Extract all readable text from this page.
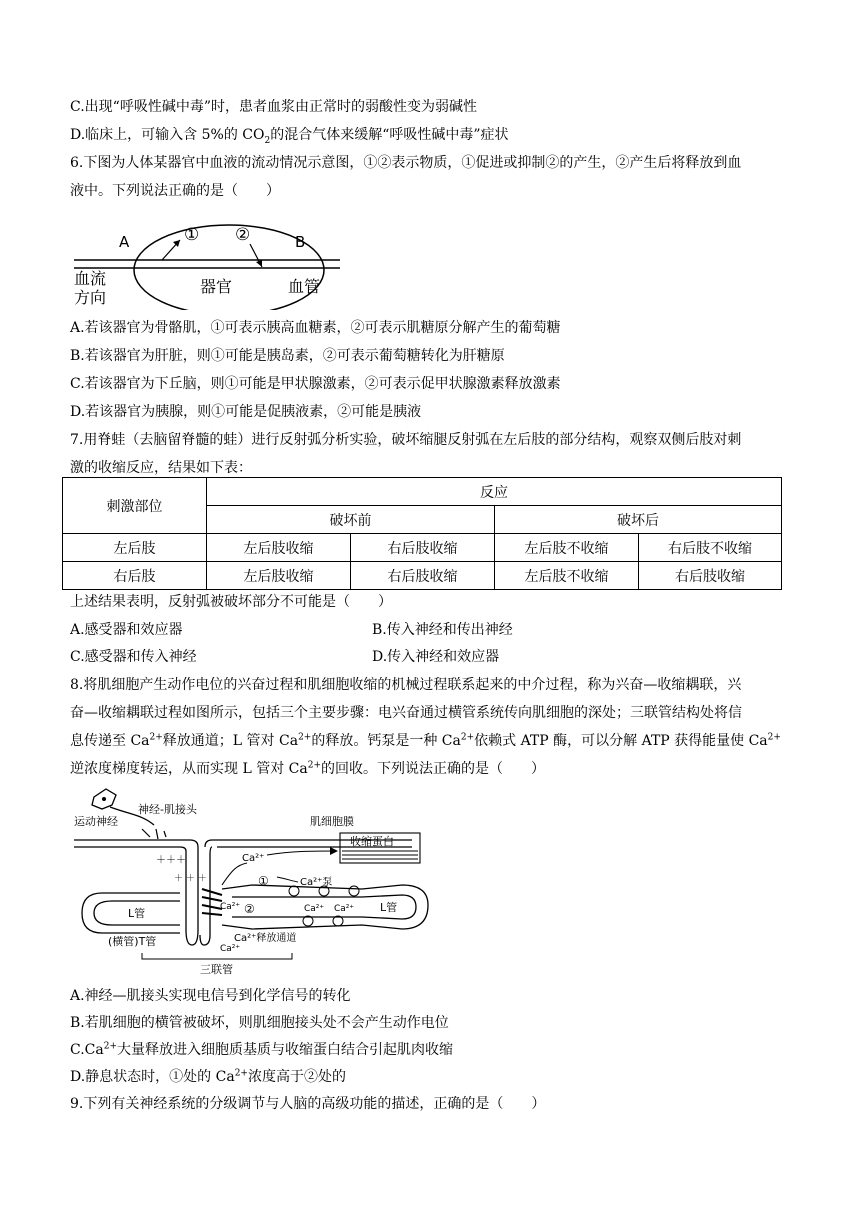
C.出现“呼吸性碱中毒”时，患者血浆由正常时的弱酸性变为弱碱性
D.临床上，可输入含 5%的 $CO_2$的混合气体来缓解“呼吸性碱中毒”症状
6.下图为人体某器官中血液的流动情况示意图，①②表示物质，①促进或抑制②的产生，②产生后将释放到血
液中。下列说法正确的是（　　）
A	B
① ②
血流
方向
器官	血管
A.若该器官为骨骼肌，①可表示胰高血糖素，②可表示肌糖原分解产生的葡萄糖
B.若该器官为肝脏，则①可能是胰岛素，②可表示葡萄糖转化为肝糖原
C.若该器官为下丘脑，则①可能是甲状腺激素，②可表示促甲状腺激素释放激素
D.若该器官为胰腺，则①可能是促胰液素，②可能是胰液
7.用脊蛙（去脑留脊髓的蛙）进行反射弧分析实验，破坏缩腿反射弧在左后肢的部分结构，观察双侧后肢对刺
激的收缩反应，结果如下表：
刺激部位	反应			
	破坏前		破坏后	
左后肢	左后肢收缩	右后肢收缩	左后肢不收缩	右后肢不收缩
右后肢	左后肢收缩	右后肢收缩	左后肢不收缩	右后肢收缩
上述结果表明，反射弧被破坏部分不可能是（　　）
A.感受器和效应器	B.传入神经和传出神经
C.感受器和传入神经	D.传入神经和效应器
8.将肌细胞产生动作电位的兴奋过程和肌细胞收缩的机械过程联系起来的中介过程，称为兴奋—收缩耦联，兴
奋—收缩耦联过程如图所示，包括三个主要步骤：电兴奋通过横管系统传向肌细胞的深处；三联管结构处将信
息传递至 $Ca^{2+}$释放通道；L 管对 $Ca^{2+}$的释放。钙泵是一种 $Ca^{2+}$依赖式 ATP 酶，可以分解 ATP 获得能量使 $Ca^{2+}$
逆浓度梯度转运，从而实现 L 管对 $Ca^{2+}$的回收。下列说法正确的是（　　）
运动神经
神经-肌接头
肌细胞膜
＋＋＋
＋ ＋ ＋
收缩蛋白
Ca²⁺
Ca²⁺泵
L管	L管
Ca²⁺ Ca²⁺
Ca²⁺
①
②
Ca²⁺释放通道
Ca²⁺
(横管)T管
三联管
A.神经—肌接头实现电信号到化学信号的转化
B.若肌细胞的横管被破坏，则肌细胞接头处不会产生动作电位
$C.Ca^{2+}$大量释放进入细胞质基质与收缩蛋白结合引起肌肉收缩
D.静息状态时，①处的 $Ca^{2+}$浓度高于②处的
9.下列有关神经系统的分级调节与人脑的高级功能的描述，正确的是（　　）
